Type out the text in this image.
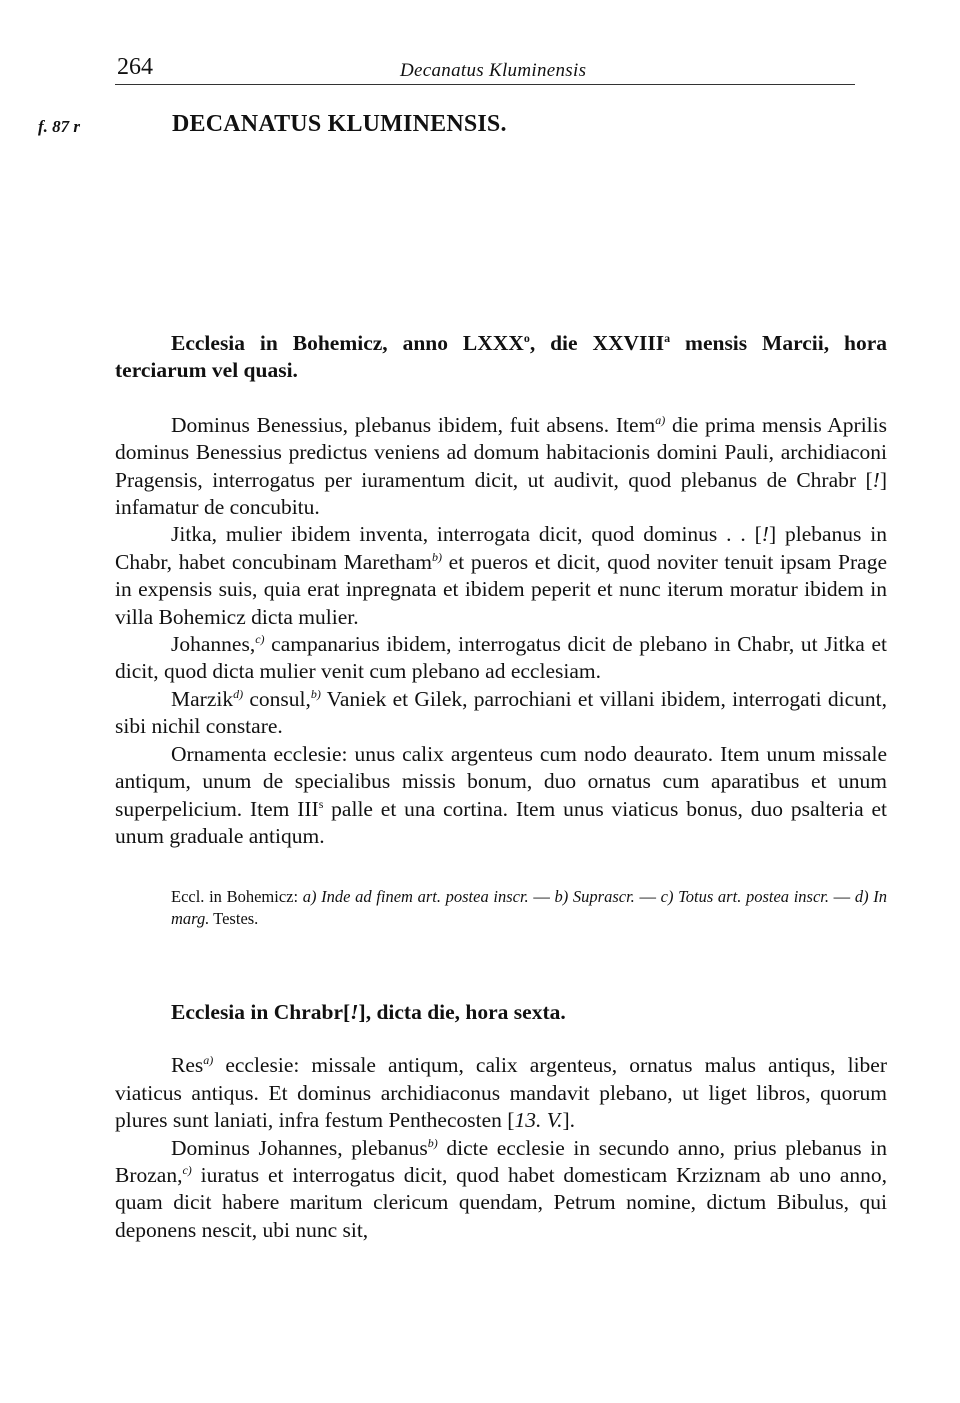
264	Decanatus Kluminensis
f. 87 r	DECANATUS KLUMINENSIS.
Ecclesia in Bohemicz, anno LXXX$^o$, die XXVIII$^a$ mensis Marcii, hora terciarum vel quasi.

Dominus Benessius, plebanus ibidem, fuit absens. Item$^{a)}$ die prima mensis Aprilis dominus Benessius predictus veniens ad domum habitacionis domini Pauli, archidiaconi Pragensis, interrogatus per iuramentum dicit, ut audivit, quod plebanus de Chrabr [!] infamatur de concubitu.

Jitka, mulier ibidem inventa, interrogata dicit, quod dominus . . [!] plebanus in Chabr, habet concubinam Maretham$^{b)}$ et pueros et dicit, quod noviter tenuit ipsam Prage in expensis suis, quia erat inpregnata et ibidem peperit et nunc iterum moratur ibidem in villa Bohemicz dicta mulier.

Johannes,$^{c)}$ campanarius ibidem, interrogatus dicit de plebano in Chabr, ut Jitka et dicit, quod dicta mulier venit cum plebano ad ecclesiam.

Marzik$^{d)}$ consul,$^{b)}$ Vaniek et Gilek, parrochiani et villani ibidem, interrogati dicunt, sibi nichil constare.

Ornamenta ecclesie: unus calix argenteus cum nodo deaurato. Item unum missale antiqum, unum de specialibus missis bonum, duo ornatus cum aparatibus et unum superpelicium. Item III$^s$ palle et una cortina. Item unus viaticus bonus, duo psalteria et unum graduale antiqum.

Eccl. in Bohemicz: a) Inde ad finem art. postea inscr. — b) Suprascr. — c) Totus art. postea inscr. — d) In marg. Testes.
Ecclesia in Chrabr[!], dicta die, hora sexta.

Res$^{a)}$ ecclesie: missale antiqum, calix argenteus, ornatus malus antiqus, liber viaticus antiqus. Et dominus archidiaconus mandavit plebano, ut liget libros, quorum plures sunt laniati, infra festum Penthecosten [13. V.].

Dominus Johannes, plebanus$^{b)}$ dicte ecclesie in secundo anno, prius plebanus in Brozan,$^{c)}$ iuratus et interrogatus dicit, quod habet domesticam Krziznam ab uno anno, quam dicit habere maritum clericum quendam, Petrum nomine, dictum Bibulus, qui deponens nescit, ubi nunc sit,
